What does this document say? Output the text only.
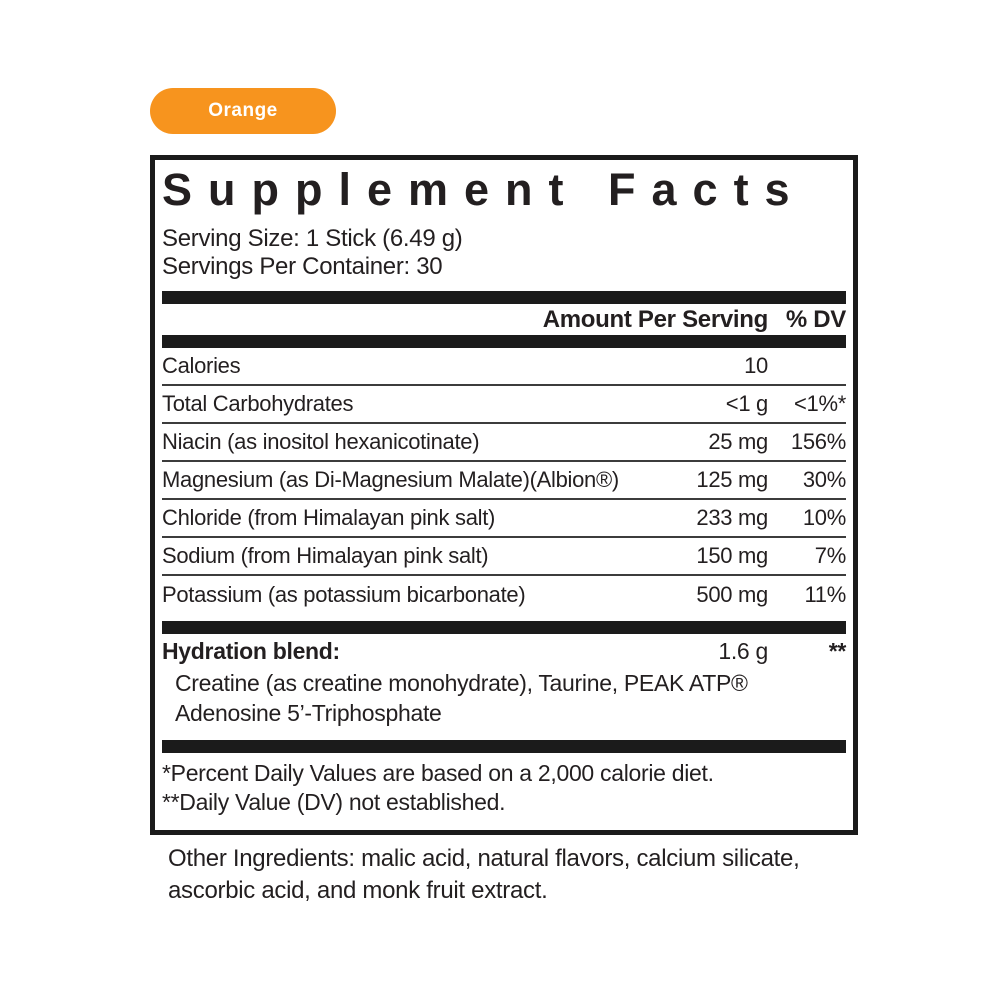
Orange
Supplement Facts
Serving Size: 1 Stick (6.49 g)
Servings Per Container: 30
Amount Per Serving % DV
Calories	10
Total Carbohydrates	<1 g	<1%*
Niacin (as inositol hexanicotinate)	25 mg	156%
Magnesium (as Di-Magnesium Malate)(Albion®)	125 mg	30%
Chloride (from Himalayan pink salt)	233 mg	10%
Sodium (from Himalayan pink salt)	150 mg	7%
Potassium (as potassium bicarbonate)	500 mg	11%
Hydration blend:	1.6 g	**
Creatine (as creatine monohydrate), Taurine, PEAK ATP®
Adenosine 5’-Triphosphate
*Percent Daily Values are based on a 2,000 calorie diet.
**Daily Value (DV) not established.
Other Ingredients: malic acid, natural flavors, calcium silicate,
ascorbic acid, and monk fruit extract.
